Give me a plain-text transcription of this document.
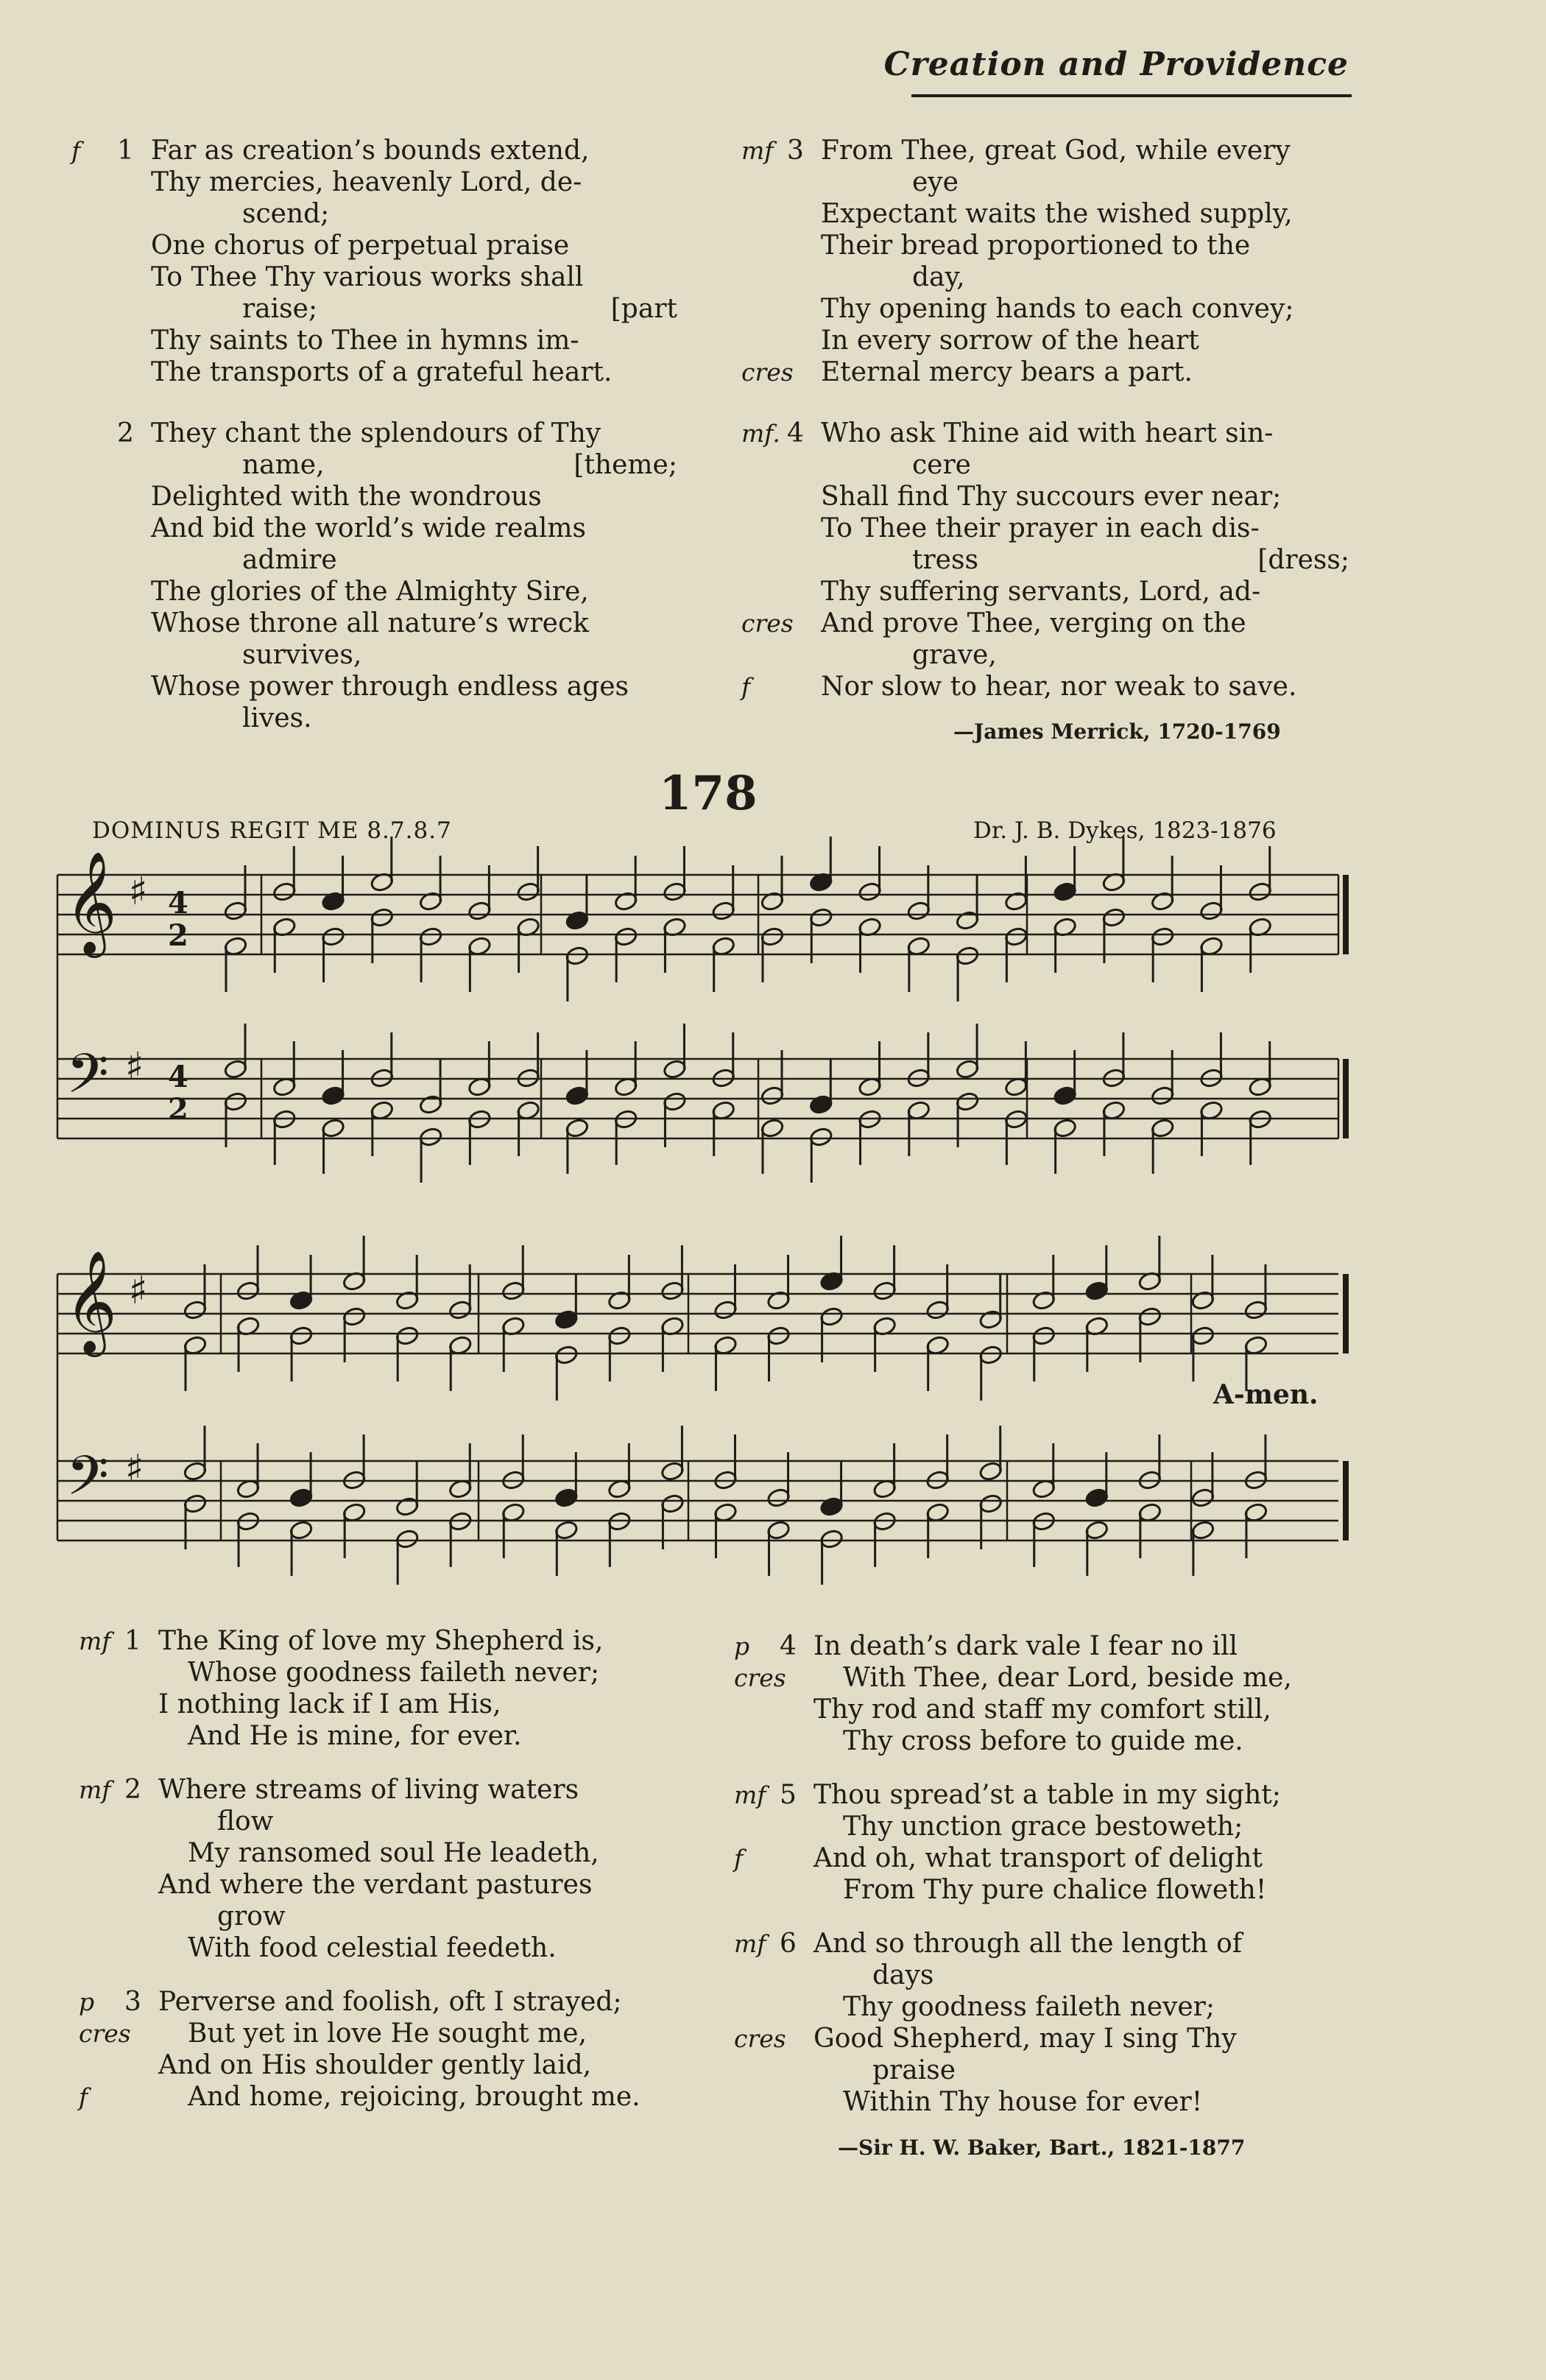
Creation and Providence
f 1 Far as creation’s bounds extend,
Thy mercies, heavenly Lord, de-
scend;
One chorus of perpetual praise
To Thee Thy various works shall
raise;	[part
Thy saints to Thee in hymns im-
The transports of a grateful heart.
2 They chant the splendours of Thy
name,	[theme;
Delighted with the wondrous
And bid the world’s wide realms
admire
The glories of the Almighty Sire,
Whose throne all nature’s wreck
survives,
Whose power through endless ages
lives.
mf 3 From Thee, great God, while every
eye
Expectant waits the wished supply,
Their bread proportioned to the
day,
Thy opening hands to each convey;
In every sorrow of the heart
cres Eternal mercy bears a part.
mf. 4 Who ask Thine aid with heart sin-
cere
Shall find Thy succours ever near;
To Thee their prayer in each dis-
tress	[dress;
Thy suffering servants, Lord, ad-
cres And prove Thee, verging on the
grave,
f	Nor slow to hear, nor weak to save.
—James Merrick, 1720-1769
178
DOMINUS REGIT ME 8.7.8.7	Dr. J. B. Dykes, 1823-1876
𝄞
𝄢
♯
♯
4
2
4
2
𝄞
𝄢
♯
♯
A-men.
mf 1 The King of love my Shepherd is,
Whose goodness faileth never;
I nothing lack if I am His,
And He is mine, for ever.
mf 2 Where streams of living waters
flow
My ransomed soul He leadeth,
And where the verdant pastures
grow
With food celestial feedeth.
p 3 Perverse and foolish, oft I strayed;
cres But yet in love He sought me,
And on His shoulder gently laid,
f	And home, rejoicing, brought me.
p 4 In death’s dark vale I fear no ill
cres With Thee, dear Lord, beside me,
Thy rod and staff my comfort still,
Thy cross before to guide me.
mf 5 Thou spread’st a table in my sight;
Thy unction grace bestoweth;
f	And oh, what transport of delight
From Thy pure chalice floweth!
mf 6 And so through all the length of
days
Thy goodness faileth never;
cres Good Shepherd, may I sing Thy
praise
Within Thy house for ever!
—Sir H. W. Baker, Bart., 1821-1877
